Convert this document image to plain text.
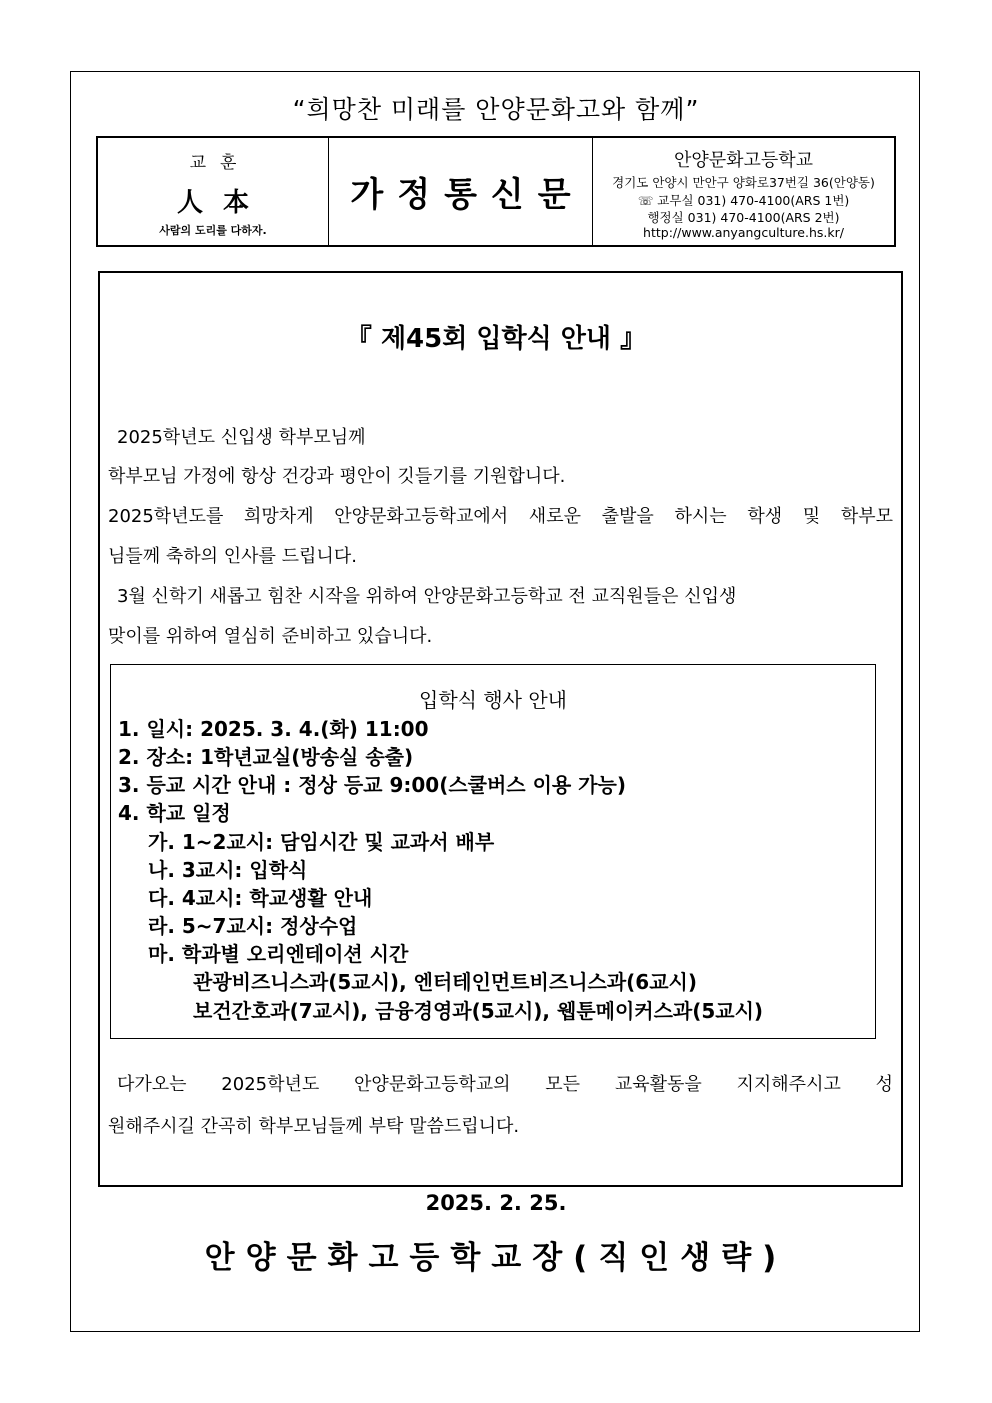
“희망찬 미래를 안양문화고와 함께”
교훈
人本
사람의 도리를 다하자.
가정통신문
안양문화고등학교
경기도 안양시 만안구 양화로37번길 36(안양동)
☏ 교무실 031) 470-4100(ARS 1번)
행정실 031) 470-4100(ARS 2번)
http://www.anyangculture.hs.kr/
『 제45회 입학식 안내 』
2025학년도 신입생 학부모님께
학부모님 가정에 항상 건강과 평안이 깃들기를 기원합니다.
2025학년도를 희망차게 안양문화고등학교에서 새로운 출발을 하시는 학생 및 학부모
님들께 축하의 인사를 드립니다.
3월 신학기 새롭고 힘찬 시작을 위하여 안양문화고등학교 전 교직원들은 신입생
맞이를 위하여 열심히 준비하고 있습니다.
입학식 행사 안내
1. 일시: 2025. 3. 4.(화) 11:00
2. 장소: 1학년교실(방송실 송출)
3. 등교 시간 안내 : 정상 등교 9:00(스쿨버스 이용 가능)
4. 학교 일정
가. 1~2교시: 담임시간 및 교과서 배부
나. 3교시: 입학식
다. 4교시: 학교생활 안내
라. 5~7교시: 정상수업
마. 학과별 오리엔테이션 시간
관광비즈니스과(5교시), 엔터테인먼트비즈니스과(6교시)
보건간호과(7교시), 금융경영과(5교시), 웹툰메이커스과(5교시)
다가오는 2025학년도 안양문화고등학교의 모든 교육활동을 지지해주시고 성
원해주시길 간곡히 학부모님들께 부탁 말씀드립니다.
2025. 2. 25.
안양문화고등학교장(직인생략)
